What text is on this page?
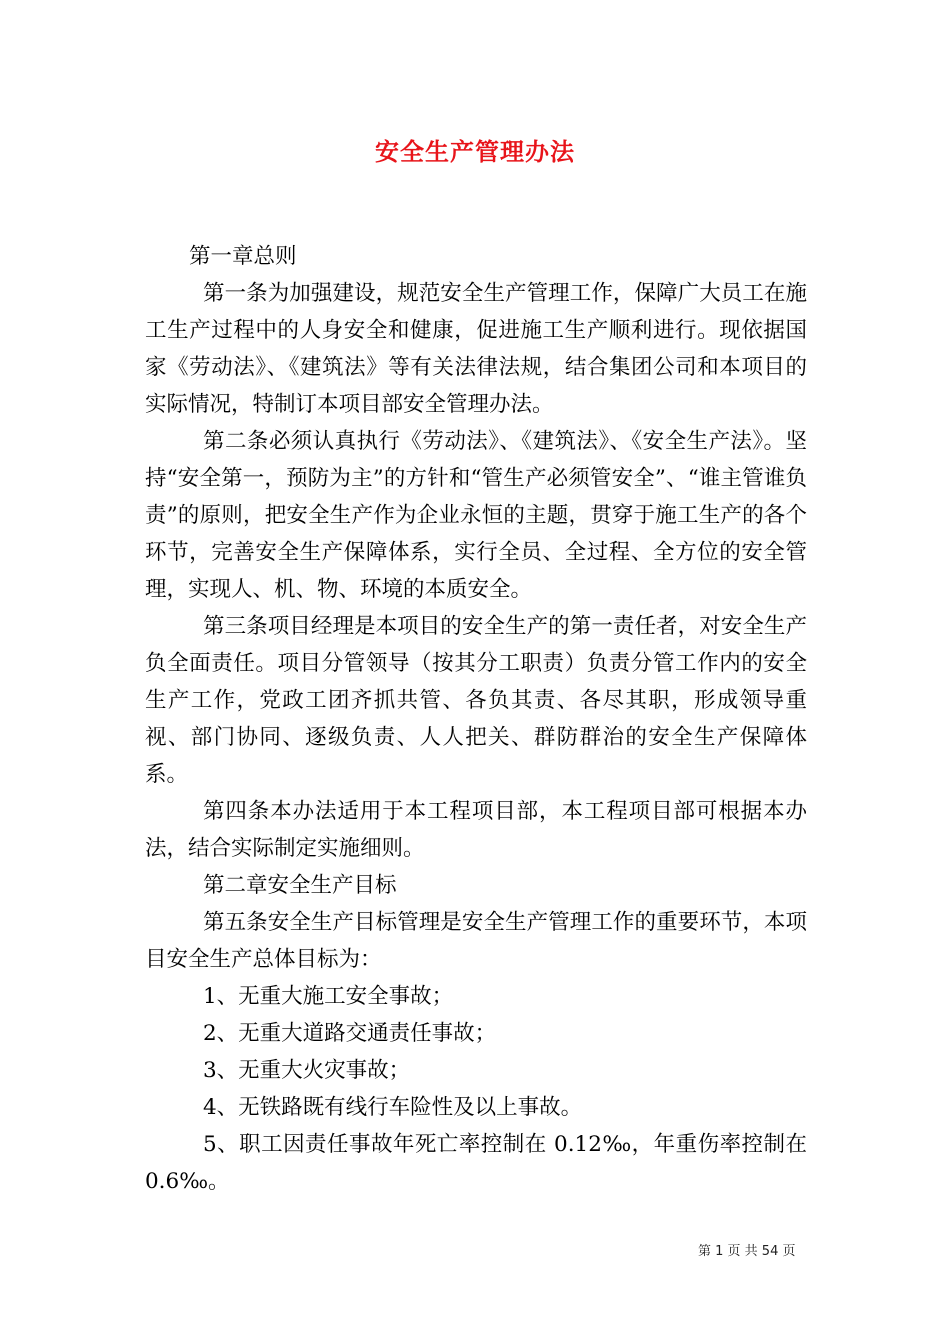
安全生产管理办法

第一章总则

第一条为加强建设，规范安全生产管理工作，保障广大员工在施工生产过程中的人身安全和健康，促进施工生产顺利进行。现依据国家《劳动法》、《建筑法》等有关法律法规，结合集团公司和本项目的实际情况，特制订本项目部安全管理办法。

第二条必须认真执行《劳动法》、《建筑法》、《安全生产法》。坚持“安全第一，预防为主”的方针和“管生产必须管安全”、“谁主管谁负责”的原则，把安全生产作为企业永恒的主题，贯穿于施工生产的各个环节，完善安全生产保障体系，实行全员、全过程、全方位的安全管理，实现人、机、物、环境的本质安全。

第三条项目经理是本项目的安全生产的第一责任者，对安全生产负全面责任。项目分管领导（按其分工职责）负责分管工作内的安全生产工作，党政工团齐抓共管、各负其责、各尽其职，形成领导重视、部门协同、逐级负责、人人把关、群防群治的安全生产保障体系。

第四条本办法适用于本工程项目部，本工程项目部可根据本办法，结合实际制定实施细则。

第二章安全生产目标

第五条安全生产目标管理是安全生产管理工作的重要环节，本项目安全生产总体目标为：

1、无重大施工安全事故；

2、无重大道路交通责任事故；

3、无重大火灾事故；

4、无铁路既有线行车险性及以上事故。

5、职工因责任事故年死亡率控制在 0.12‰，年重伤率控制在0.6‰。

第 1 页 共 54 页
